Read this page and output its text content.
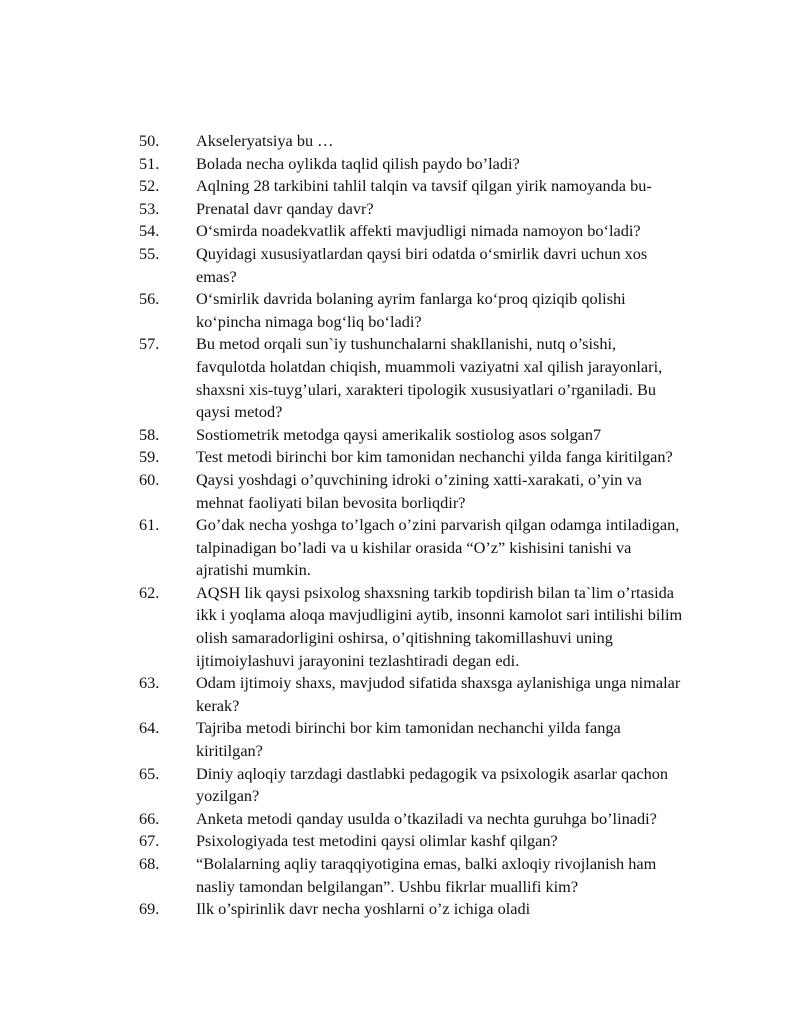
50.	Akseleryatsiya bu …
51.	Bolada necha oylikda taqlid qilish paydo bo’ladi?
52.	Aqlning 28 tarkibini tahlil talqin va tavsif qilgan yirik namoyanda bu-
53.	Prenatal davr qanday davr?
54.	O‘smirda noadekvatlik affekti mavjudligi nimada namoyon bo‘ladi?
55.	Quyidagi xususiyatlardan qaysi biri odatda o‘smirlik davri uchun xos
emas?
56.	O‘smirlik davrida bolaning ayrim fanlarga ko‘proq qiziqib qolishi
ko‘pincha nimaga bog‘liq bo‘ladi?
57.	Bu metod orqali sun`iy tushunchalarni shakllanishi, nutq o’sishi,
favqulotda holatdan chiqish, muammoli vaziyatni xal qilish jarayonlari,
shaxsni xis-tuyg’ulari, xarakteri tipologik xususiyatlari o’rganiladi. Bu
qaysi metod?
58.	Sostiometrik metodga qaysi amerikalik sostiolog asos solgan7
59.	Test metodi birinchi bor kim tamonidan nechanchi yilda fanga kiritilgan?
60.	Qaysi yoshdagi o’quvchining idroki o’zining xatti-xarakati, o’yin va
mehnat faoliyati bilan bevosita borliqdir?
61.	Go’dak necha yoshga to’lgach o’zini parvarish qilgan odamga intiladigan,
talpinadigan bo’ladi va u kishilar orasida “O’z” kishisini tanishi va
ajratishi mumkin.
62.	AQSH lik qaysi psixolog shaxsning tarkib topdirish bilan ta`lim o’rtasida
ikk i yoqlama aloqa mavjudligini aytib, insonni kamolot sari intilishi bilim
olish samaradorligini oshirsa, o’qitishning takomillashuvi uning
ijtimoiylashuvi jarayonini tezlashtiradi degan edi.
63.	Odam ijtimoiy shaxs, mavjudod sifatida shaxsga aylanishiga unga nimalar
kerak?
64.	Tajriba metodi birinchi bor kim tamonidan nechanchi yilda fanga
kiritilgan?
65.	Diniy aqloqiy tarzdagi dastlabki pedagogik va psixologik asarlar qachon
yozilgan?
66.	Anketa metodi qanday usulda o’tkaziladi va nechta guruhga bo’linadi?
67.	Psixologiyada test metodini qaysi olimlar kashf qilgan?
68.	“Bolalarning aqliy taraqqiyotigina emas, balki axloqiy rivojlanish ham
nasliy tamondan belgilangan”. Ushbu fikrlar muallifi kim?
69.	Ilk o’spirinlik davr necha yoshlarni o’z ichiga oladi
